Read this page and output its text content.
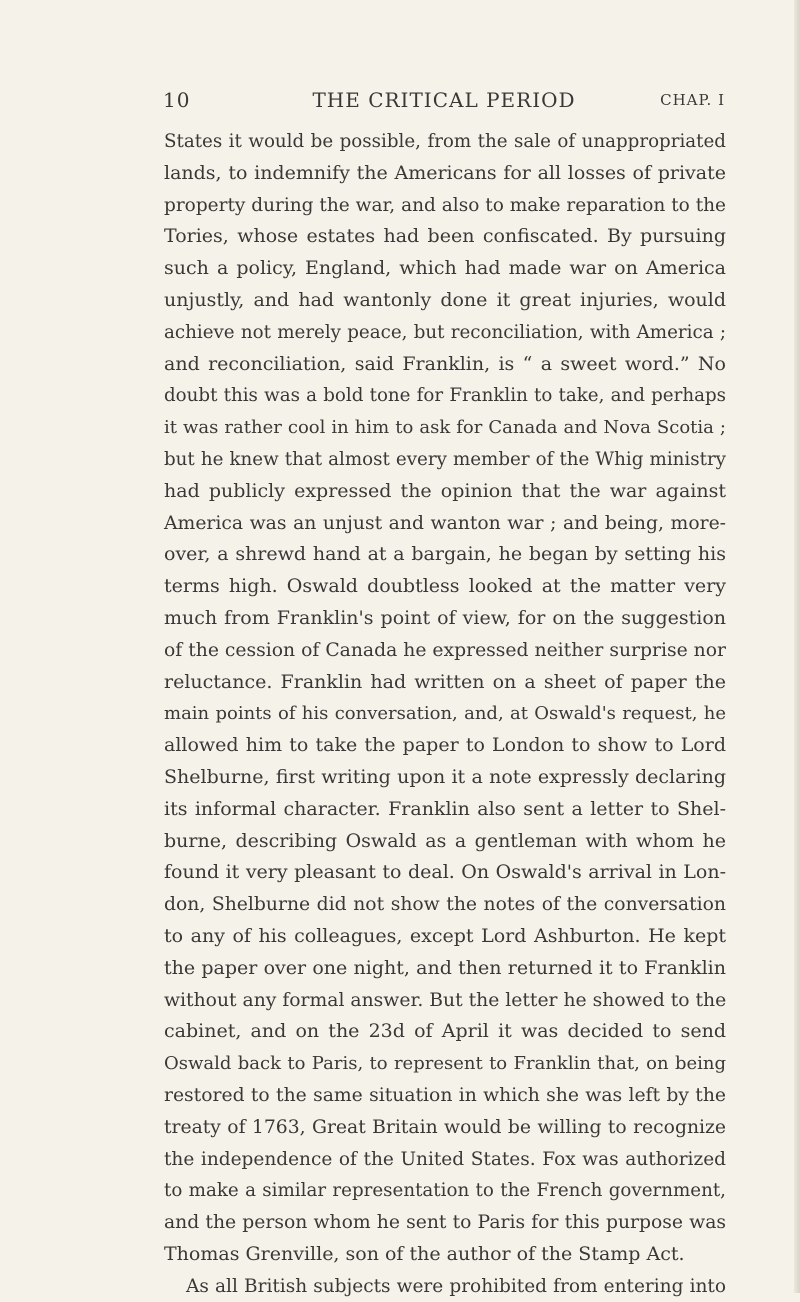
10	THE CRITICAL PERIOD	CHAP. I
States it would be possible, from the sale of unappropriated
lands, to indemnify the Americans for all losses of private
property during the war, and also to make reparation to the
Tories, whose estates had been confiscated. By pursuing
such a policy, England, which had made war on America
unjustly, and had wantonly done it great injuries, would
achieve not merely peace, but reconciliation, with America ;
and reconciliation, said Franklin, is “ a sweet word.” No
doubt this was a bold tone for Franklin to take, and perhaps
it was rather cool in him to ask for Canada and Nova Scotia ;
but he knew that almost every member of the Whig ministry
had publicly expressed the opinion that the war against
America was an unjust and wanton war ; and being, more-
over, a shrewd hand at a bargain, he began by setting his
terms high. Oswald doubtless looked at the matter very
much from Franklin's point of view, for on the suggestion
of the cession of Canada he expressed neither surprise nor
reluctance. Franklin had written on a sheet of paper the
main points of his conversation, and, at Oswald's request, he
allowed him to take the paper to London to show to Lord
Shelburne, first writing upon it a note expressly declaring
its informal character. Franklin also sent a letter to Shel-
burne, describing Oswald as a gentleman with whom he
found it very pleasant to deal. On Oswald's arrival in Lon-
don, Shelburne did not show the notes of the conversation
to any of his colleagues, except Lord Ashburton. He kept
the paper over one night, and then returned it to Franklin
without any formal answer. But the letter he showed to the
cabinet, and on the 23d of April it was decided to send
Oswald back to Paris, to represent to Franklin that, on being
restored to the same situation in which she was left by the
treaty of 1763, Great Britain would be willing to recognize
the independence of the United States. Fox was authorized
to make a similar representation to the French government,
and the person whom he sent to Paris for this purpose was
Thomas Grenville, son of the author of the Stamp Act.
As all British subjects were prohibited from entering into
